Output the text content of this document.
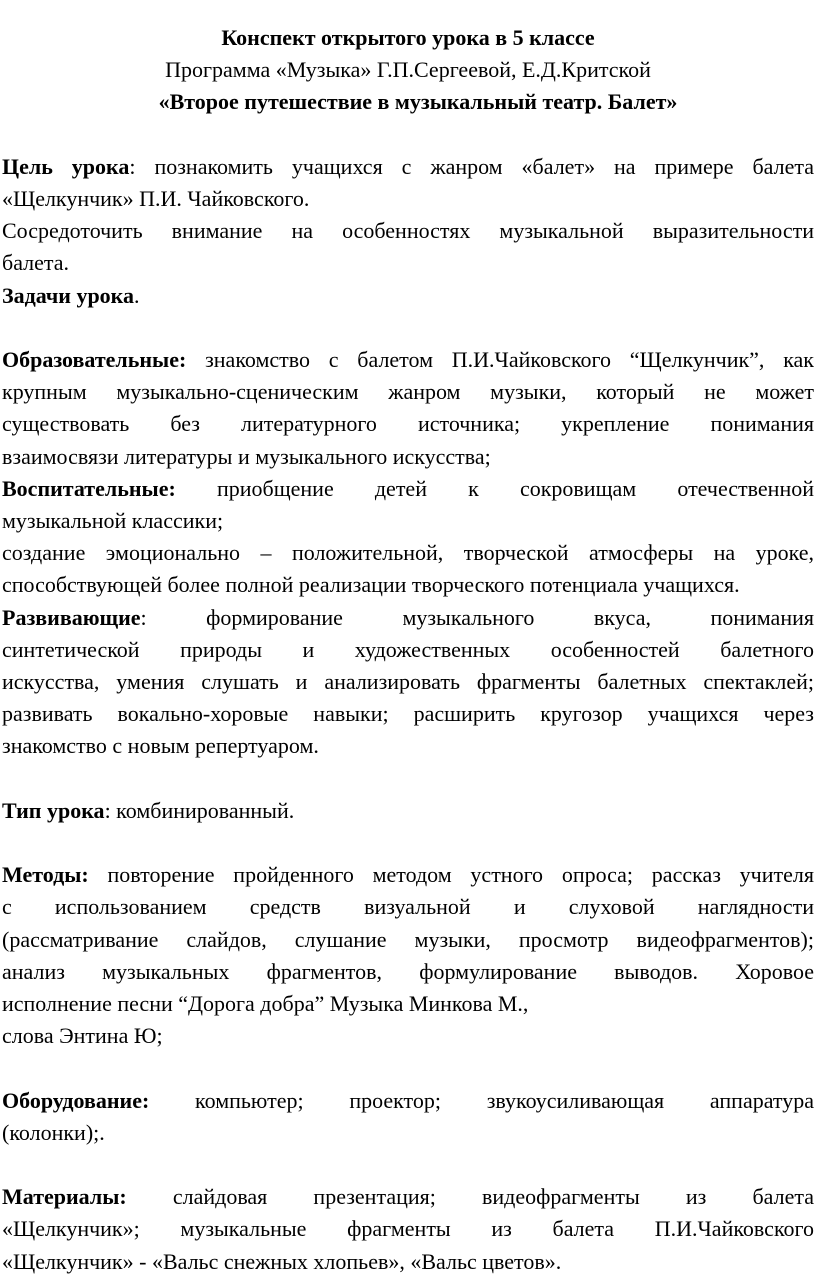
Конспект открытого урока в 5 классе
Программа «Музыка» Г.П.Сергеевой, Е.Д.Критской
«Второе путешествие в музыкальный театр. Балет»
Цель урока: познакомить учащихся с жанром «балет» на примере балета
«Щелкунчик» П.И. Чайковского.
Сосредоточить внимание на особенностях музыкальной выразительности
балета.
Задачи урока.
Образовательные: знакомство с балетом П.И.Чайковского “Щелкунчик”, как
крупным музыкально-сценическим жанром музыки, который не может
существовать без литературного источника; укрепление понимания
взаимосвязи литературы и музыкального искусства;
Воспитательные: приобщение детей к сокровищам отечественной
музыкальной классики;
создание эмоционально – положительной, творческой атмосферы на уроке,
способствующей более полной реализации творческого потенциала учащихся.
Развивающие: формирование музыкального вкуса, понимания
синтетической природы и художественных особенностей балетного
искусства, умения слушать и анализировать фрагменты балетных спектаклей;
развивать вокально-хоровые навыки; расширить кругозор учащихся через
знакомство с новым репертуаром.
Тип урока: комбинированный.
Методы: повторение пройденного методом устного опроса; рассказ учителя
с использованием средств визуальной и слуховой наглядности
(рассматривание слайдов, слушание музыки, просмотр видеофрагментов);
анализ музыкальных фрагментов, формулирование выводов. Хоровое
исполнение песни “Дорога добра” Музыка Минкова М.,
слова Энтина Ю;
Оборудование: компьютер; проектор; звукоусиливающая аппаратура
(колонки);.
Материалы: слайдовая презентация; видеофрагменты из балета
«Щелкунчик»; музыкальные фрагменты из балета П.И.Чайковского
«Щелкунчик» - «Вальс снежных хлопьев», «Вальс цветов».
